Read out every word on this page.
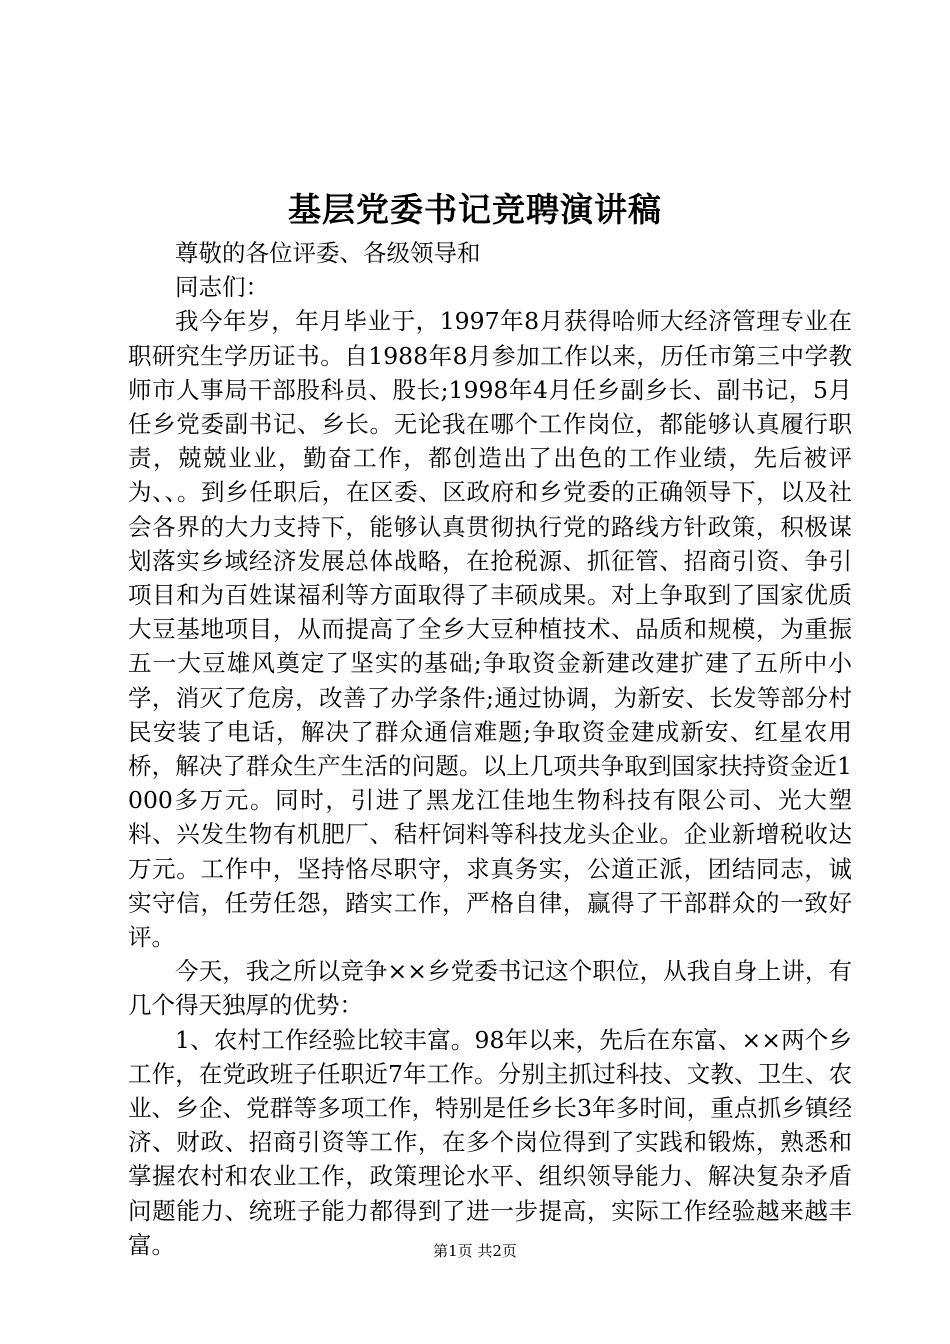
基层党委书记竞聘演讲稿

尊敬的各位评委、各级领导和

同志们：

我今年岁，年月毕业于，1997年8月获得哈师大经济管理专业在职研究生学历证书。自1988年8月参加工作以来，历任市第三中学教师市人事局干部股科员、股长;1998年4月任乡副乡长、副书记，5月任乡党委副书记、乡长。无论我在哪个工作岗位，都能够认真履行职责，兢兢业业，勤奋工作，都创造出了出色的工作业绩，先后被评为、、。到乡任职后，在区委、区政府和乡党委的正确领导下，以及社会各界的大力支持下，能够认真贯彻执行党的路线方针政策，积极谋划落实乡域经济发展总体战略，在抢税源、抓征管、招商引资、争引项目和为百姓谋福利等方面取得了丰硕成果。对上争取到了国家优质大豆基地项目，从而提高了全乡大豆种植技术、品质和规模，为重振五一大豆雄风奠定了坚实的基础;争取资金新建改建扩建了五所中小学，消灭了危房，改善了办学条件;通过协调，为新安、长发等部分村民安装了电话，解决了群众通信难题;争取资金建成新安、红星农用桥，解决了群众生产生活的问题。以上几项共争取到国家扶持资金近1000多万元。同时，引进了黑龙江佳地生物科技有限公司、光大塑料、兴发生物有机肥厂、秸杆饲料等科技龙头企业。企业新增税收达万元。工作中，坚持恪尽职守，求真务实，公道正派，团结同志，诚实守信，任劳任怨，踏实工作，严格自律，赢得了干部群众的一致好评。

今天，我之所以竞争××乡党委书记这个职位，从我自身上讲，有几个得天独厚的优势：

1、农村工作经验比较丰富。98年以来，先后在东富、××两个乡工作，在党政班子任职近7年工作。分别主抓过科技、文教、卫生、农业、乡企、党群等多项工作，特别是任乡长3年多时间，重点抓乡镇经济、财政、招商引资等工作，在多个岗位得到了实践和锻炼，熟悉和掌握农村和农业工作，政策理论水平、组织领导能力、解决复杂矛盾问题能力、统班子能力都得到了进一步提高，实际工作经验越来越丰富。	第1页 共2页
